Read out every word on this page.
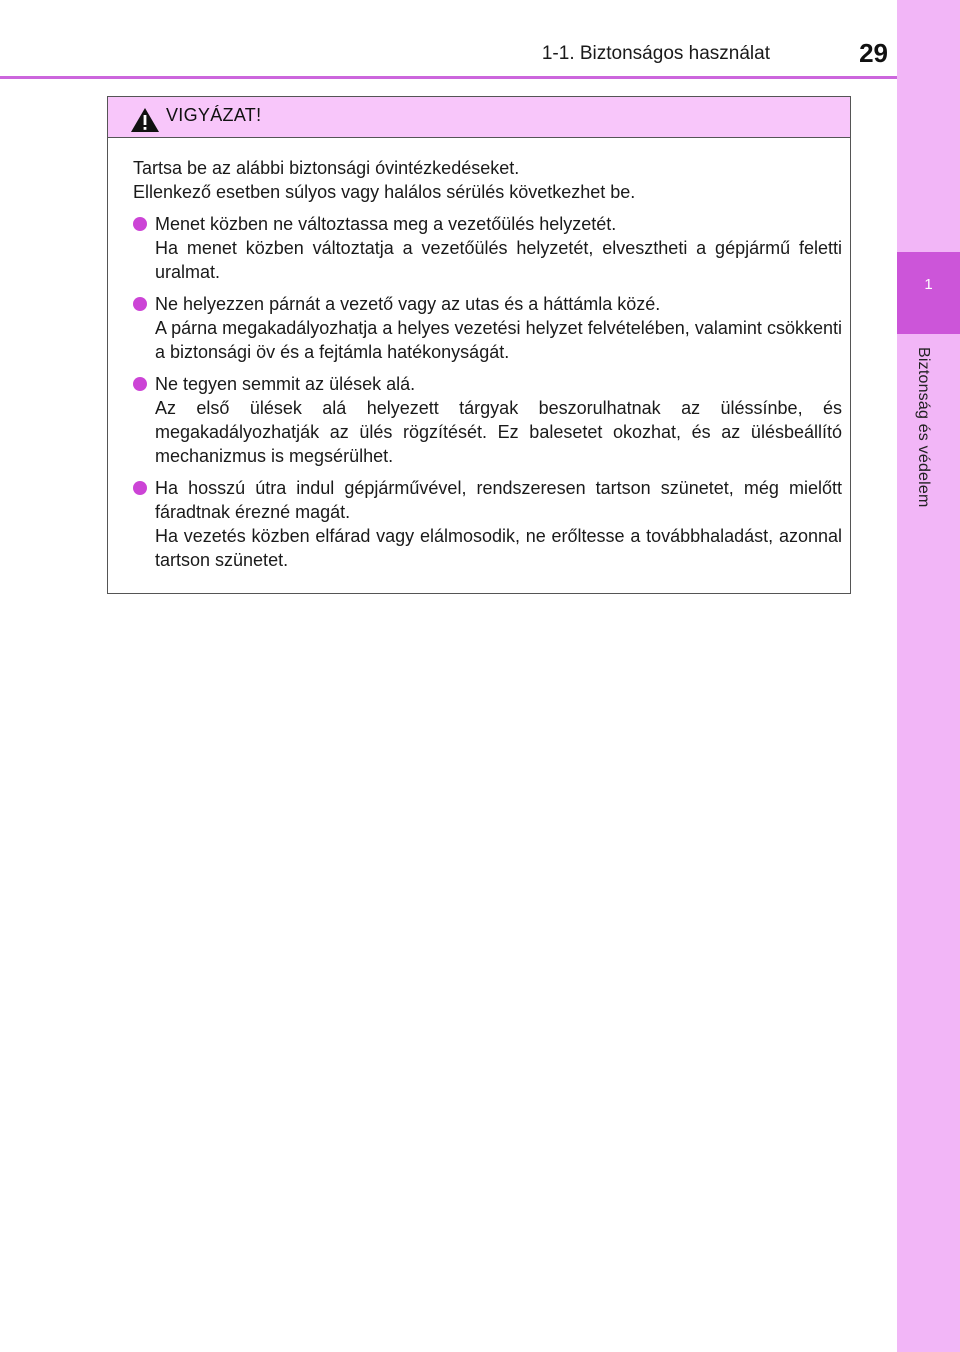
1
Biztonság és védelem
1-1. Biztonságos használat	29
VIGYÁZAT!

Tartsa be az alábbi biztonsági óvintézkedéseket.

Ellenkező esetben súlyos vagy halálos sérülés következhet be.

Menet közben ne változtassa meg a vezetőülés helyzetét.

Ha menet közben változtatja a vezetőülés helyzetét, elvesztheti a gépjármű feletti uralmat.

Ne helyezzen párnát a vezető vagy az utas és a háttámla közé.

A párna megakadályozhatja a helyes vezetési helyzet felvételében, valamint csökkenti a biztonsági öv és a fejtámla hatékonyságát.

Ne tegyen semmit az ülések alá.

Az első ülések alá helyezett tárgyak beszorulhatnak az üléssínbe, és megakadályozhatják az ülés rögzítését. Ez balesetet okozhat, és az ülésbeállító mechanizmus is megsérülhet.

Ha hosszú útra indul gépjárművével, rendszeresen tartson szünetet, még mielőtt fáradtnak érezné magát.

Ha vezetés közben elfárad vagy elálmosodik, ne erőltesse a továbbhaladást, azonnal tartson szünetet.
